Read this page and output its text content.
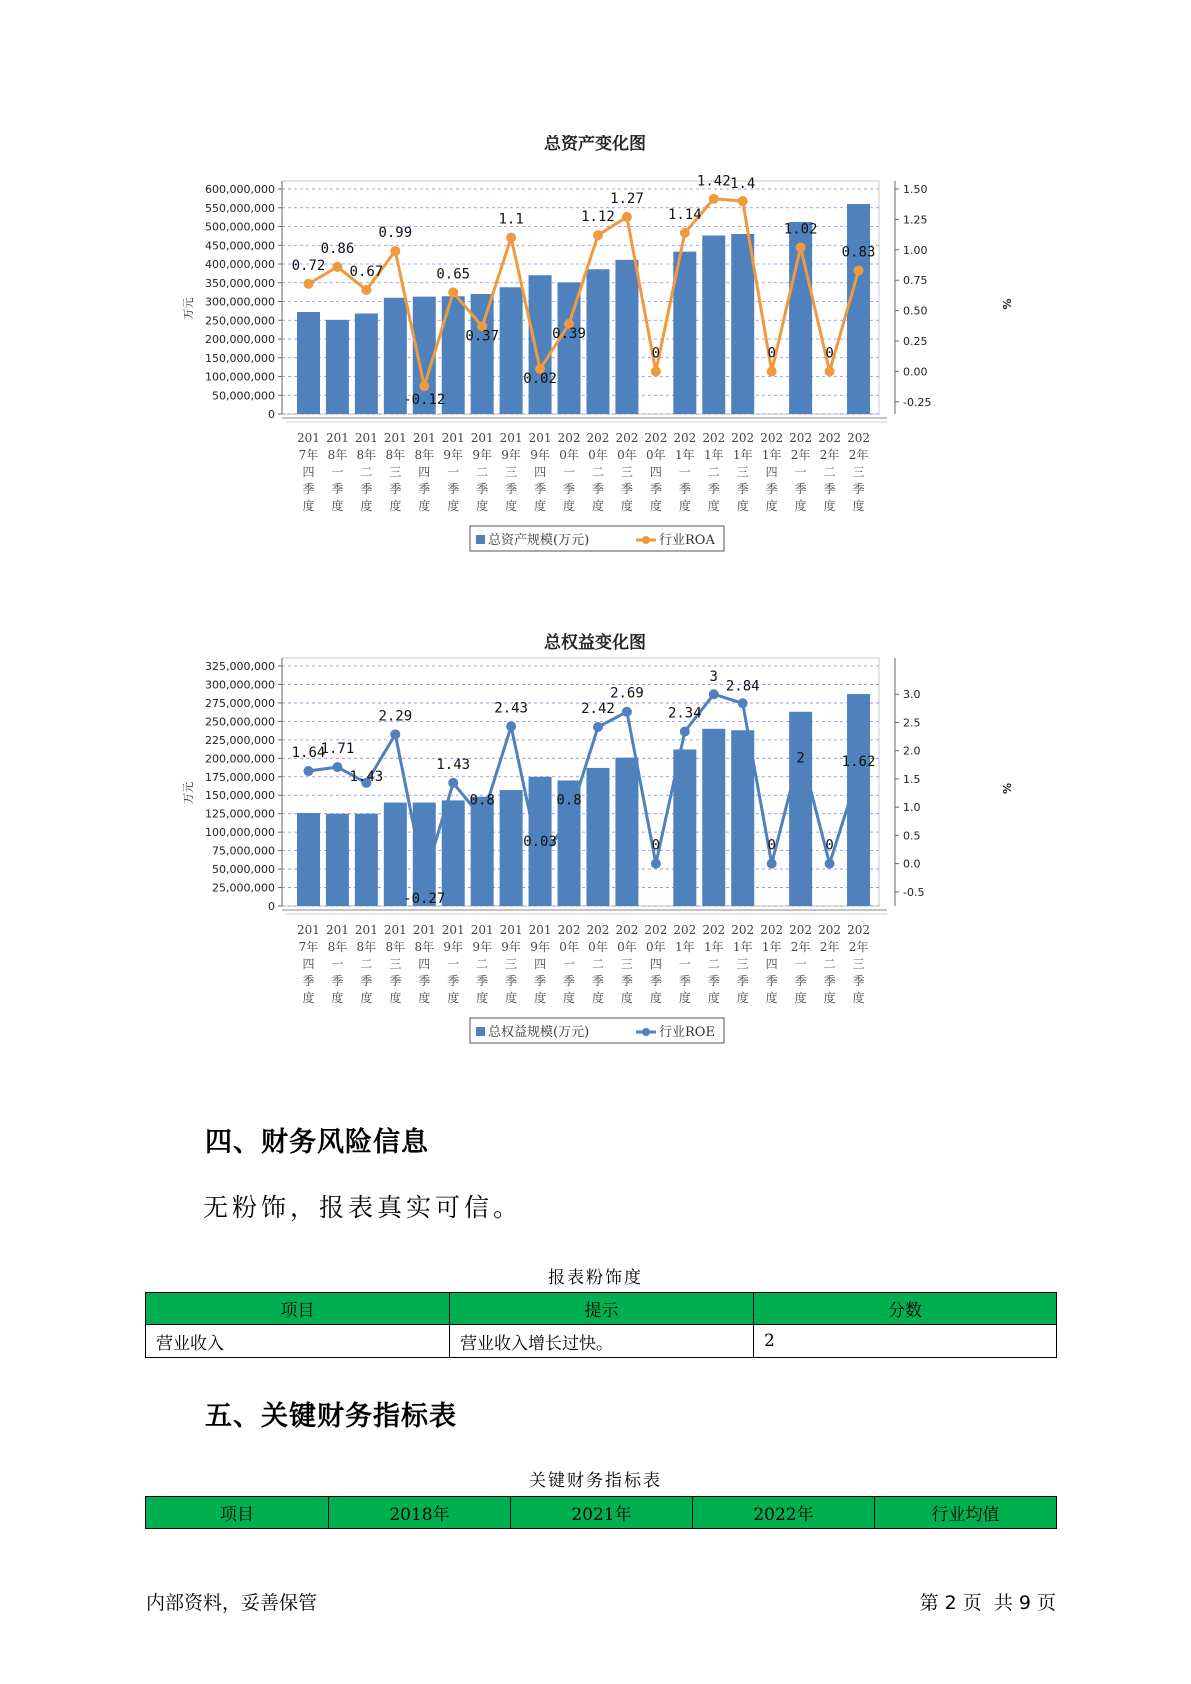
总资产变化图
0
50,000,000
100,000,000
150,000,000
200,000,000
250,000,000
300,000,000
350,000,000
400,000,000
450,000,000
500,000,000
550,000,000
600,000,000
万元
-0.25
0.00
0.25
0.50
0.75
1.00
1.25
1.50
%
0.72
0.86
0.67
0.99
-0.12
0.65
0.37
1.1
0.02
0.39
1.12
1.27
0
1.14
1.42 1.4
0
1.02
0
0.83
201
7年
四
季
度
201
8年
一
季
度
201
8年
二
季
度
201
8年
三
季
度
201
8年
四
季
度
201
9年
一
季
度
201
9年
二
季
度
201
9年
三
季
度
201
9年
四
季
度
202
0年
一
季
度
202
0年
二
季
度
202
0年
三
季
度
202
0年
四
季
度
202
1年
一
季
度
202
1年
二
季
度
202
1年
三
季
度
202
1年
四
季
度
202
2年
一
季
度
202
2年
二
季
度
202
2年
三
季
度
总资产规模(万元)	行业ROA
总权益变化图
0
25,000,000
50,000,000
75,000,000
100,000,000
125,000,000
150,000,000
175,000,000
200,000,000
225,000,000
250,000,000
275,000,000
300,000,000
325,000,000
万元
-0.5
0.0
0.5
1.0
1.5
2.0
2.5
3.0
%
1.64
1.71
1.43
2.29
-0.27
1.43
0.8
2.43
0.03
0.8
2.42
2.69
0
2.34
3
2.84
0
2
0
1.62
201
7年
四
季
度
201
8年
一
季
度
201
8年
二
季
度
201
8年
三
季
度
201
8年
四
季
度
201
9年
一
季
度
201
9年
二
季
度
201
9年
三
季
度
201
9年
四
季
度
202
0年
一
季
度
202
0年
二
季
度
202
0年
三
季
度
202
0年
四
季
度
202
1年
一
季
度
202
1年
二
季
度
202
1年
三
季
度
202
1年
四
季
度
202
2年
一
季
度
202
2年
二
季
度
202
2年
三
季
度
总权益规模(万元)	行业ROE
四、财务风险信息
无粉饰，报表真实可信。
报表粉饰度
项目	提示	分数
营业收入	营业收入增长过快。	2
五、关键财务指标表
关键财务指标表
项目	2018年	2021年	2022年	行业均值
内部资料，妥善保管	第 2 页  共 9 页
